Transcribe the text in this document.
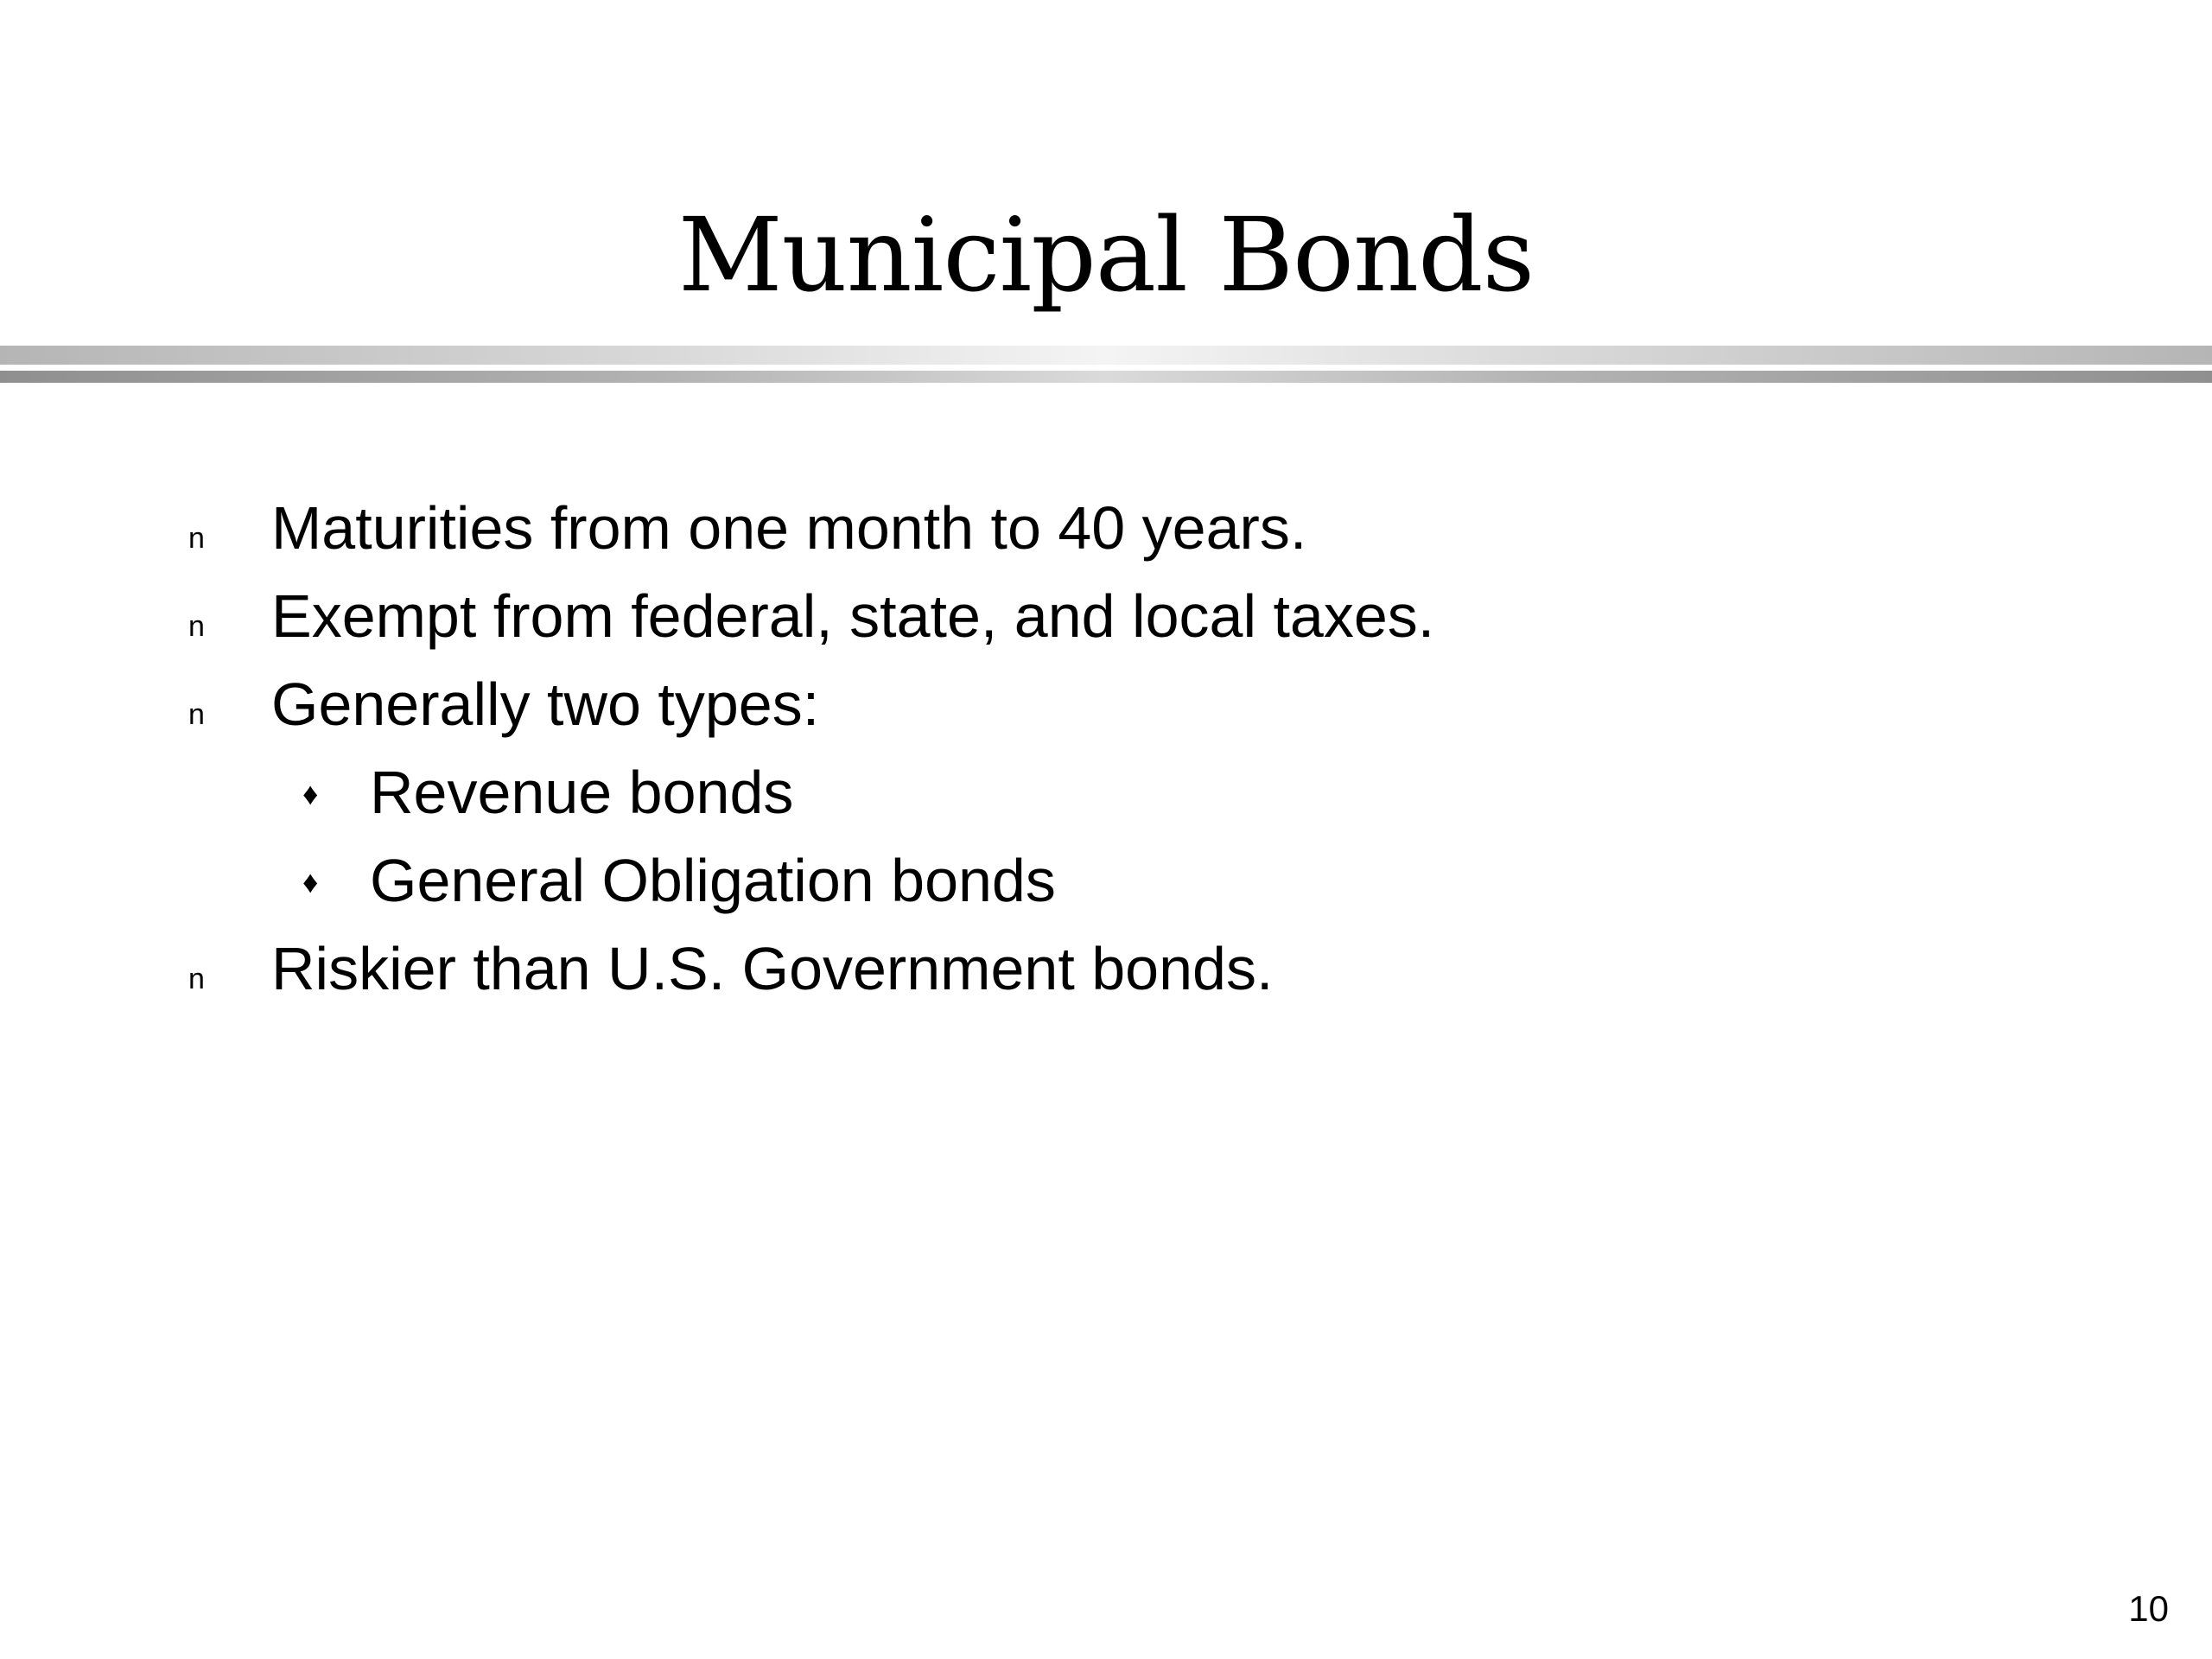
Municipal Bonds
n Maturities from one month to 40 years.
n Exempt from federal, state, and local taxes.
n Generally two types:
♦ Revenue bonds
♦ General Obligation bonds
n Riskier than U.S. Government bonds.
10
